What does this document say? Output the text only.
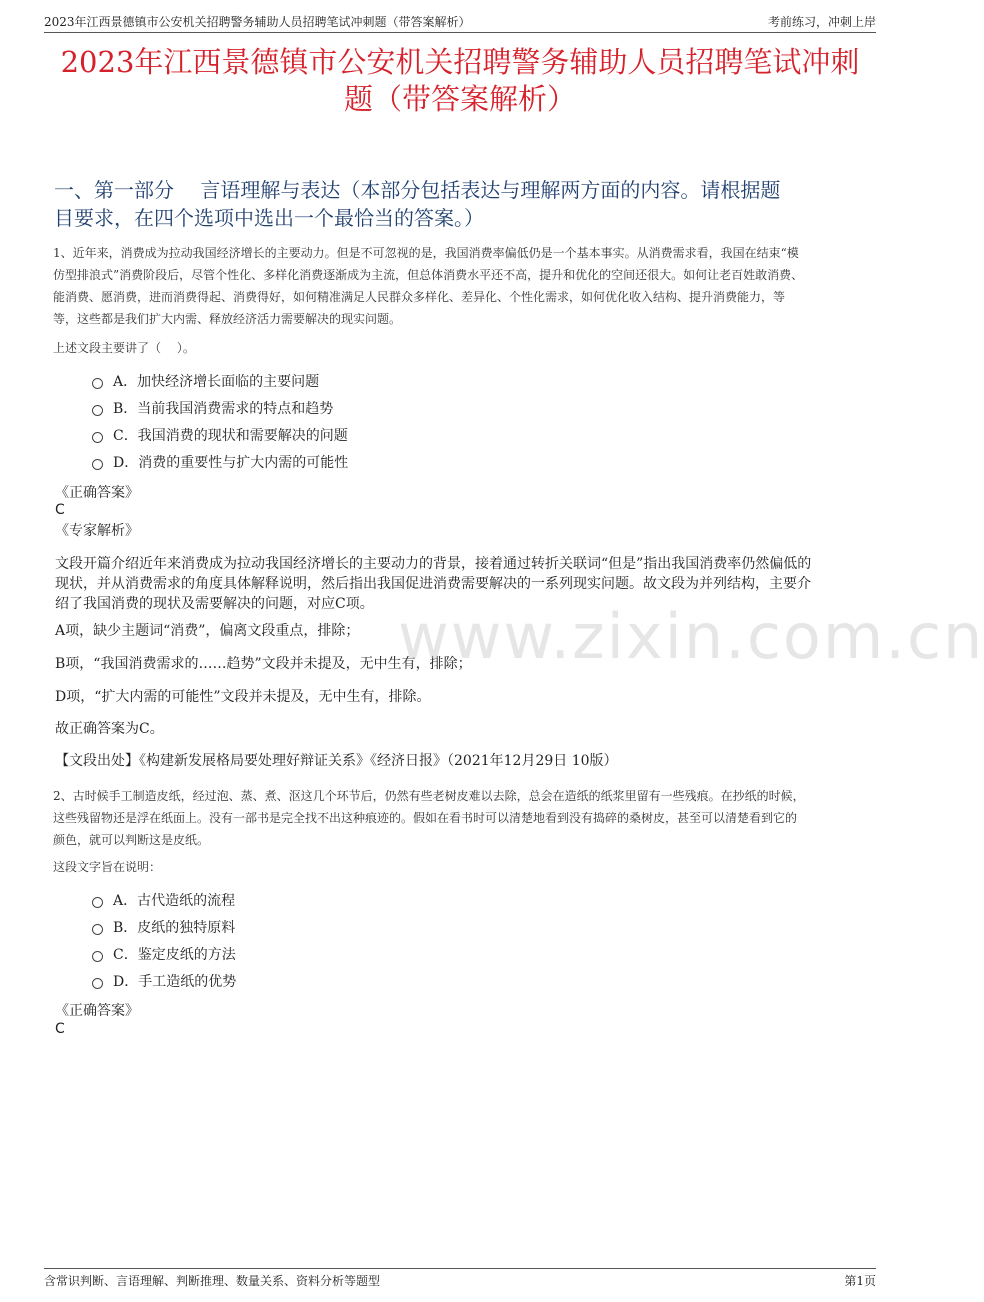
2023年江西景德镇市公安机关招聘警务辅助人员招聘笔试冲刺题（带答案解析）	考前练习，冲刺上岸
2023年江西景德镇市公安机关招聘警务辅助人员招聘笔试冲刺
题（带答案解析）
一、第一部分　 言语理解与表达（本部分包括表达与理解两方面的内容。请根据题
目要求，在四个选项中选出一个最恰当的答案。）
1、近年来，消费成为拉动我国经济增长的主要动力。但是不可忽视的是，我国消费率偏低仍是一个基本事实。从消费需求看，我国在结束“模
仿型排浪式”消费阶段后，尽管个性化、多样化消费逐渐成为主流，但总体消费水平还不高，提升和优化的空间还很大。如何让老百姓敢消费、
能消费、愿消费，进而消费得起、消费得好，如何精准满足人民群众多样化、差异化、个性化需求，如何优化收入结构、提升消费能力，等
等，这些都是我们扩大内需、释放经济活力需要解决的现实问题。
上述文段主要讲了（　 ）。
A．加快经济增长面临的主要问题
B．当前我国消费需求的特点和趋势
C．我国消费的现状和需要解决的问题
D．消费的重要性与扩大内需的可能性
《正确答案》
C
《专家解析》
文段开篇介绍近年来消费成为拉动我国经济增长的主要动力的背景，接着通过转折关联词“但是”指出我国消费率仍然偏低的
现状，并从消费需求的角度具体解释说明，然后指出我国促进消费需要解决的一系列现实问题。故文段为并列结构，主要介
绍了我国消费的现状及需要解决的问题，对应C项。
A项，缺少主题词“消费”，偏离文段重点，排除；
B项，“我国消费需求的……趋势”文段并未提及，无中生有，排除；
D项，“扩大内需的可能性”文段并未提及，无中生有，排除。
故正确答案为C。
【文段出处】《构建新发展格局要处理好辩证关系》《经济日报》（2021年12月29日 10版）
2、古时候手工制造皮纸，经过泡、蒸、煮、沤这几个环节后，仍然有些老树皮难以去除，总会在造纸的纸浆里留有一些残痕。在抄纸的时候，
这些残留物还是浮在纸面上。没有一部书是完全找不出这种痕迹的。假如在看书时可以清楚地看到没有捣碎的桑树皮，甚至可以清楚看到它的
颜色，就可以判断这是皮纸。
这段文字旨在说明：
A．古代造纸的流程
B．皮纸的独特原料
C．鉴定皮纸的方法
D．手工造纸的优势
《正确答案》
C
www.zixin.com.cn
含常识判断、言语理解、判断推理、数量关系、资料分析等题型	第1页
